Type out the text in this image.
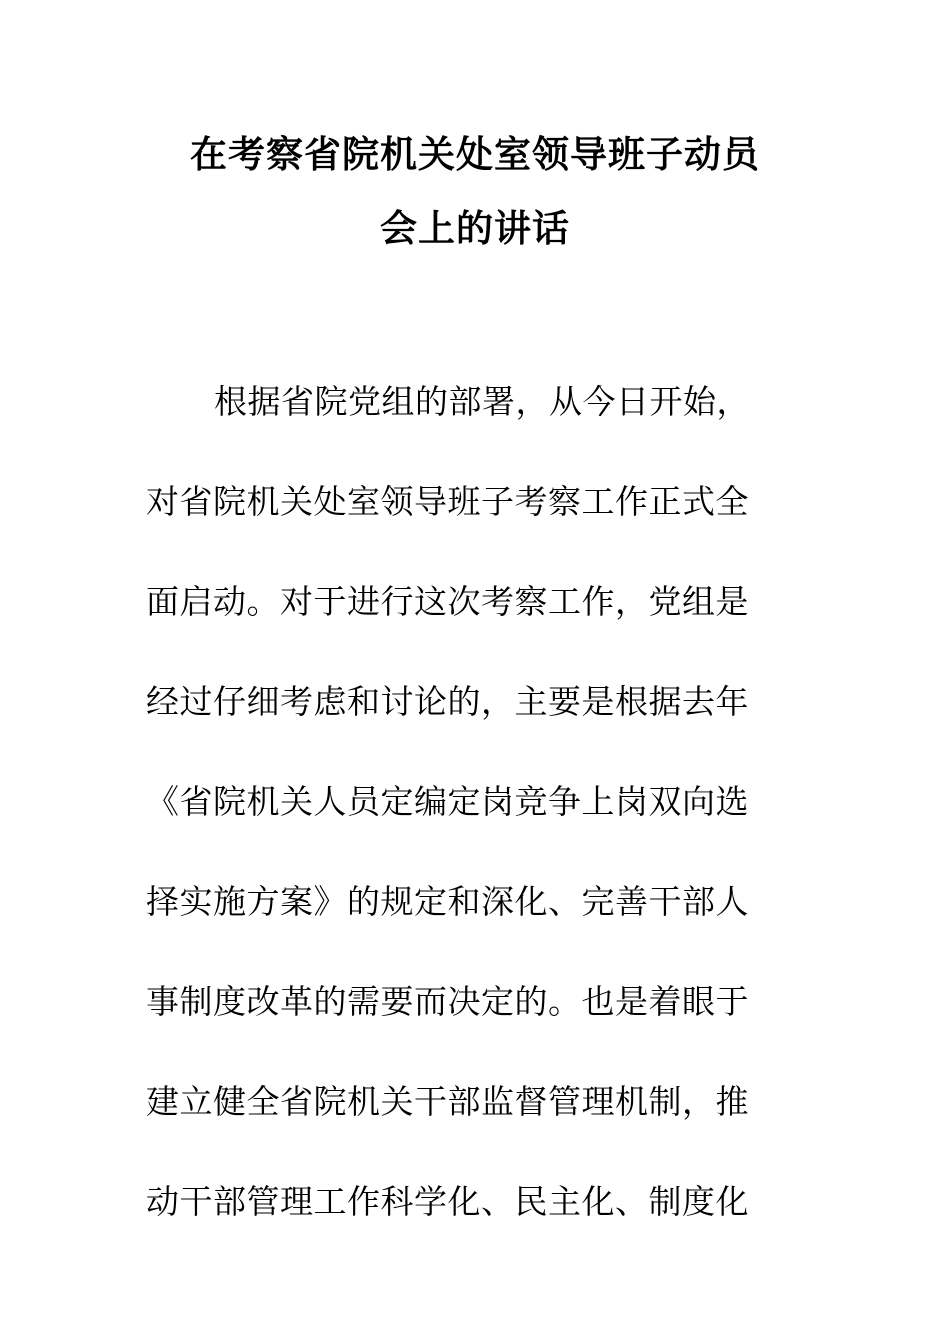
在考察省院机关处室领导班子动员
会上的讲话
根据省院党组的部署，从今日开始，
对省院机关处室领导班子考察工作正式全
面启动。对于进行这次考察工作，党组是
经过仔细考虑和讨论的，主要是根据去年
《省院机关人员定编定岗竞争上岗双向选
择实施方案》的规定和深化、完善干部人
事制度改革的需要而决定的。也是着眼于
建立健全省院机关干部监督管理机制，推
动干部管理工作科学化、民主化、制度化
